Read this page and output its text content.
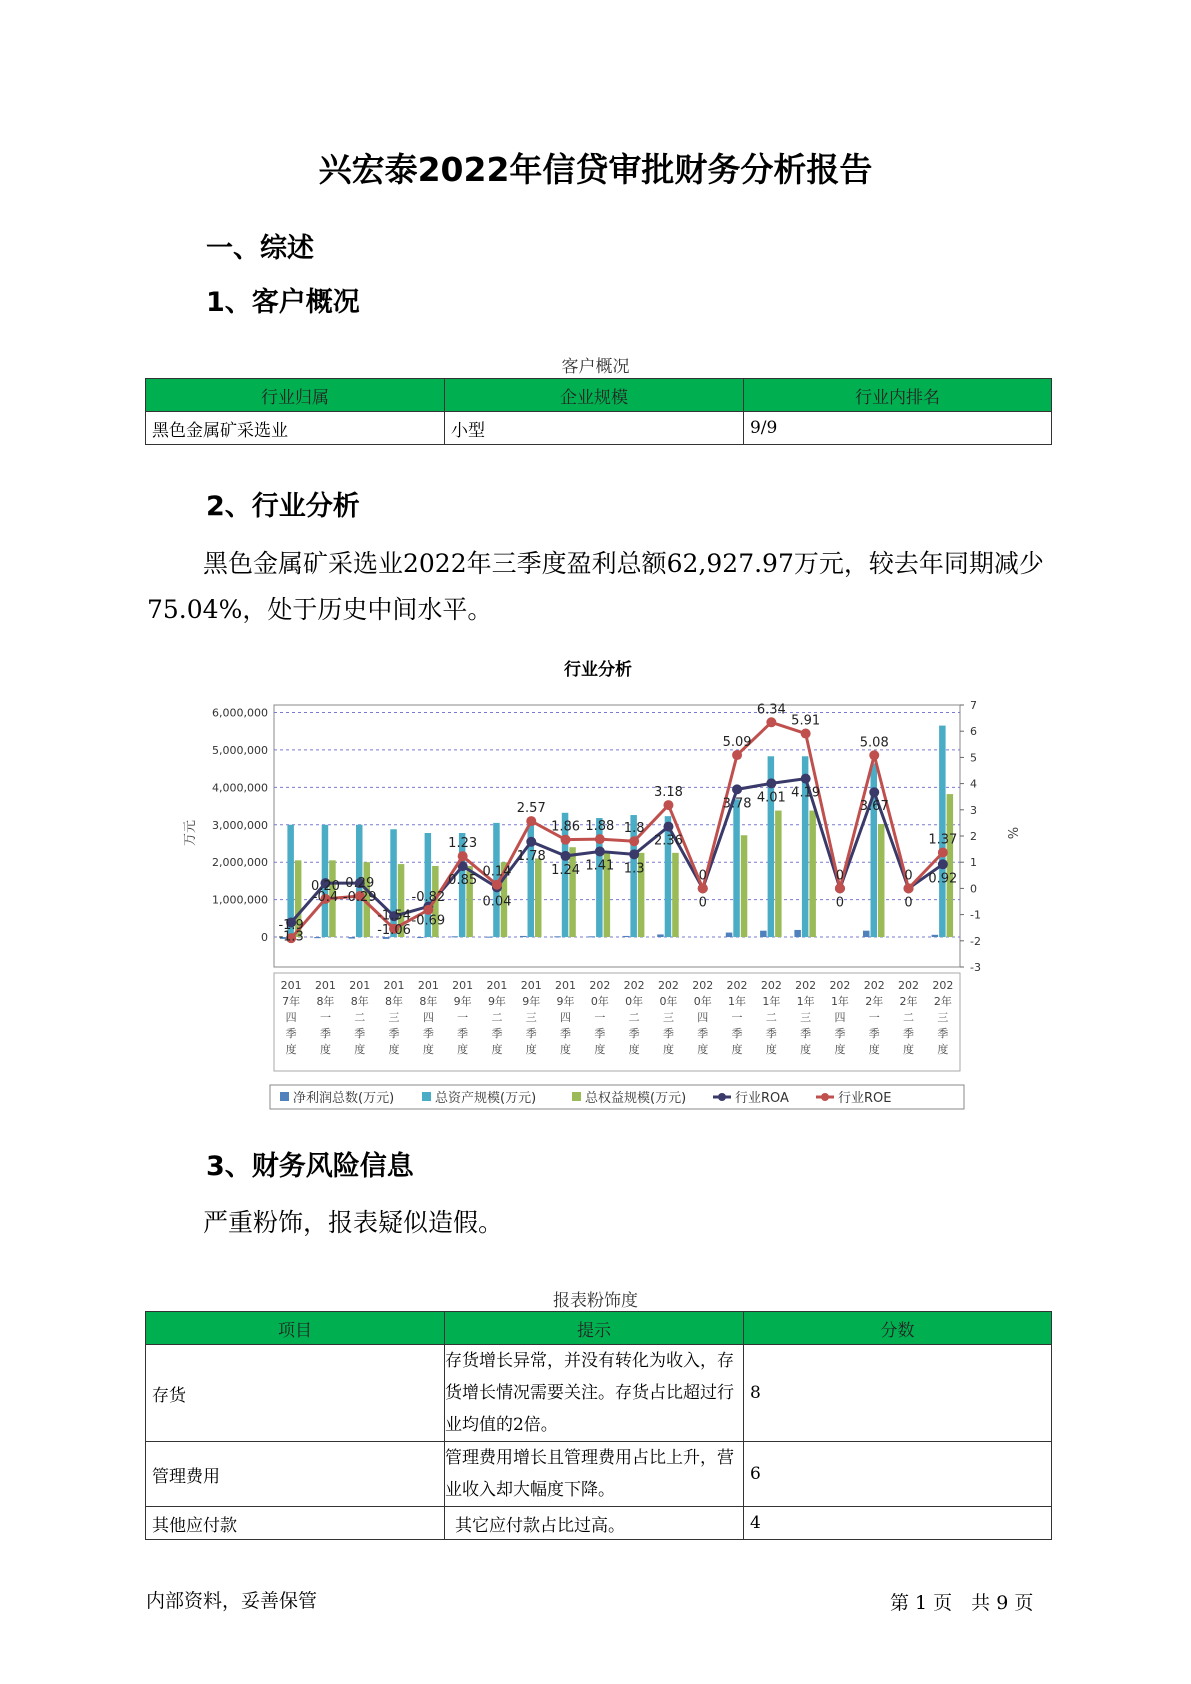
兴宏泰2022年信贷审批财务分析报告
一、综述
1、客户概况
客户概况
行业归属	企业规模	行业内排名
黑色金属矿采选业	小型	9/9
2、行业分析
黑色金属矿采选业2022年三季度盈利总额62,927.97万元，较去年同期减少75.04%，处于历史中间水平。
行业分析
6,000,000
5,000,000
4,000,000
3,000,000
2,000,000
1,000,000
0
7
6
5
4
3
2
1
0
-1
-2
-3
-1.9
0.20 0.29
-1.54
-0.82
1.23
0.14
2.57
1.86 1.88 1.8
3.18
0
5.09
6.34
5.91
0
5.08
0
1.37
-1.3
-0.4 -0.29
-1.06
-0.69
0.85
0.04
1.78
1.24 1.41 1.3
2.36
0
3.78 4.01 4.19
0
3.67
0
0.92
万元	%
201 7年四季度
201 8年一季度
201 8年二季度
201 8年三季度
201 8年四季度
201 9年一季度
201 9年二季度
201 9年三季度
201 9年四季度
202 0年一季度
202 0年二季度
202 0年三季度
202 0年四季度
202 1年一季度
202 1年二季度
202 1年三季度
202 1年四季度
202 2年一季度
202 2年二季度
202 2年三季度
净利润总数(万元)	总资产规模(万元)	总权益规模(万元)	行业ROA	行业ROE
3、财务风险信息
严重粉饰，报表疑似造假。
报表粉饰度
项目	提示	分数
存货	存货增长异常，并没有转化为收入，存货增长情况需要关注。存货占比超过行业均值的2倍。	8
管理费用	管理费用增长且管理费用占比上升，营业收入却大幅度下降。	6
其他应付款	其它应付款占比过高。	4
内部资料，妥善保管	第 1 页　共 9 页
